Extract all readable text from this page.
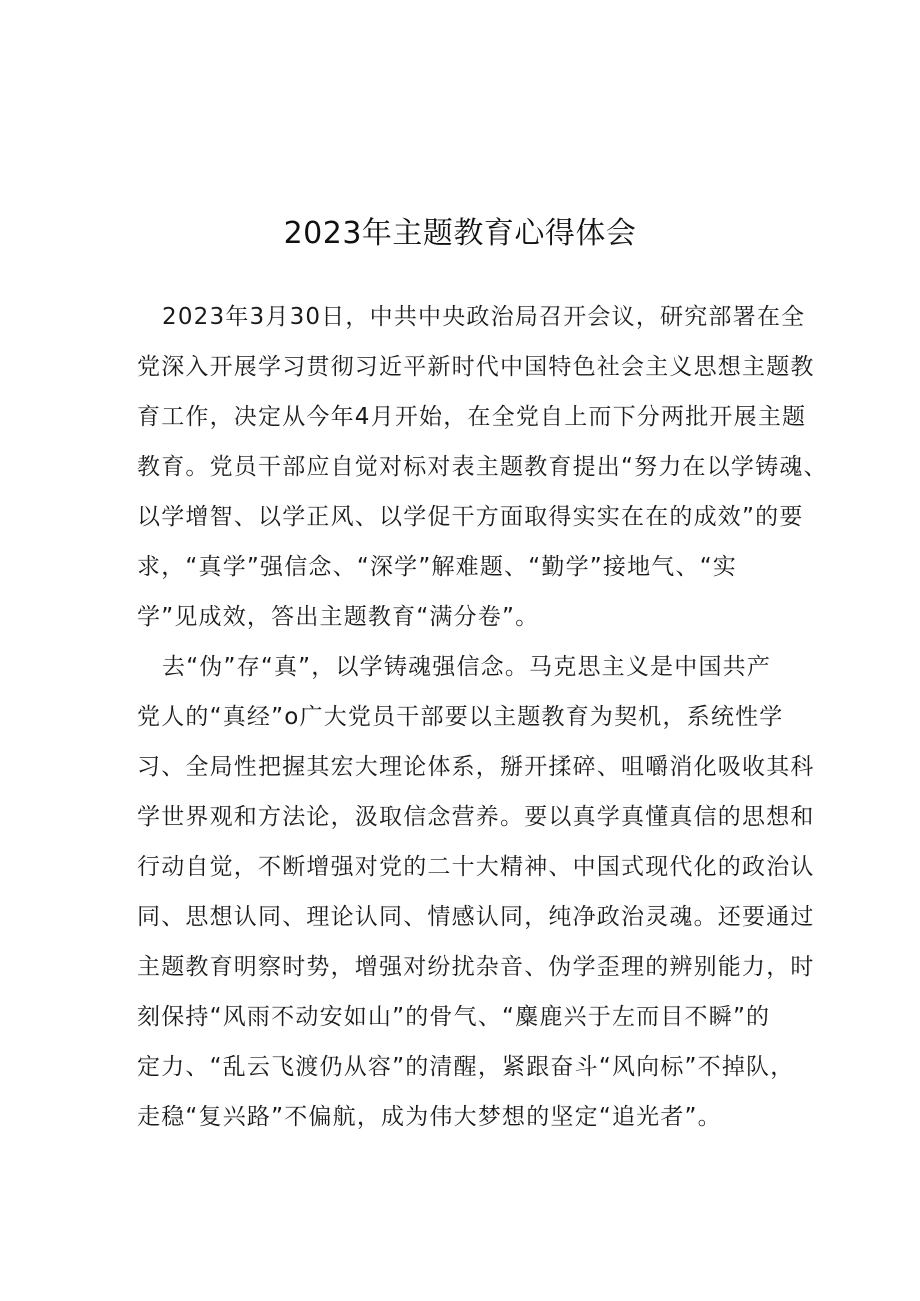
2023年主题教育心得体会
2023年3月30日，中共中央政治局召开会议，研究部署在全
党深入开展学习贯彻习近平新时代中国特色社会主义思想主题教
育工作，决定从今年4月开始，在全党自上而下分两批开展主题
教育。党员干部应自觉对标对表主题教育提出“努力在以学铸魂、
以学增智、以学正风、以学促干方面取得实实在在的成效”的要
求，“真学”强信念、“深学”解难题、“勤学”接地气、“实
学”见成效，答出主题教育“满分卷”。
去“伪”存“真”，以学铸魂强信念。马克思主义是中国共产
党人的“真经”o广大党员干部要以主题教育为契机，系统性学
习、全局性把握其宏大理论体系，掰开揉碎、咀嚼消化吸收其科
学世界观和方法论，汲取信念营养。要以真学真懂真信的思想和
行动自觉，不断增强对党的二十大精神、中国式现代化的政治认
同、思想认同、理论认同、情感认同，纯净政治灵魂。还要通过
主题教育明察时势，增强对纷扰杂音、伪学歪理的辨别能力，时
刻保持“风雨不动安如山”的骨气、“麋鹿兴于左而目不瞬”的
定力、“乱云飞渡仍从容”的清醒，紧跟奋斗“风向标”不掉队，
走稳“复兴路”不偏航，成为伟大梦想的坚定“追光者”。
